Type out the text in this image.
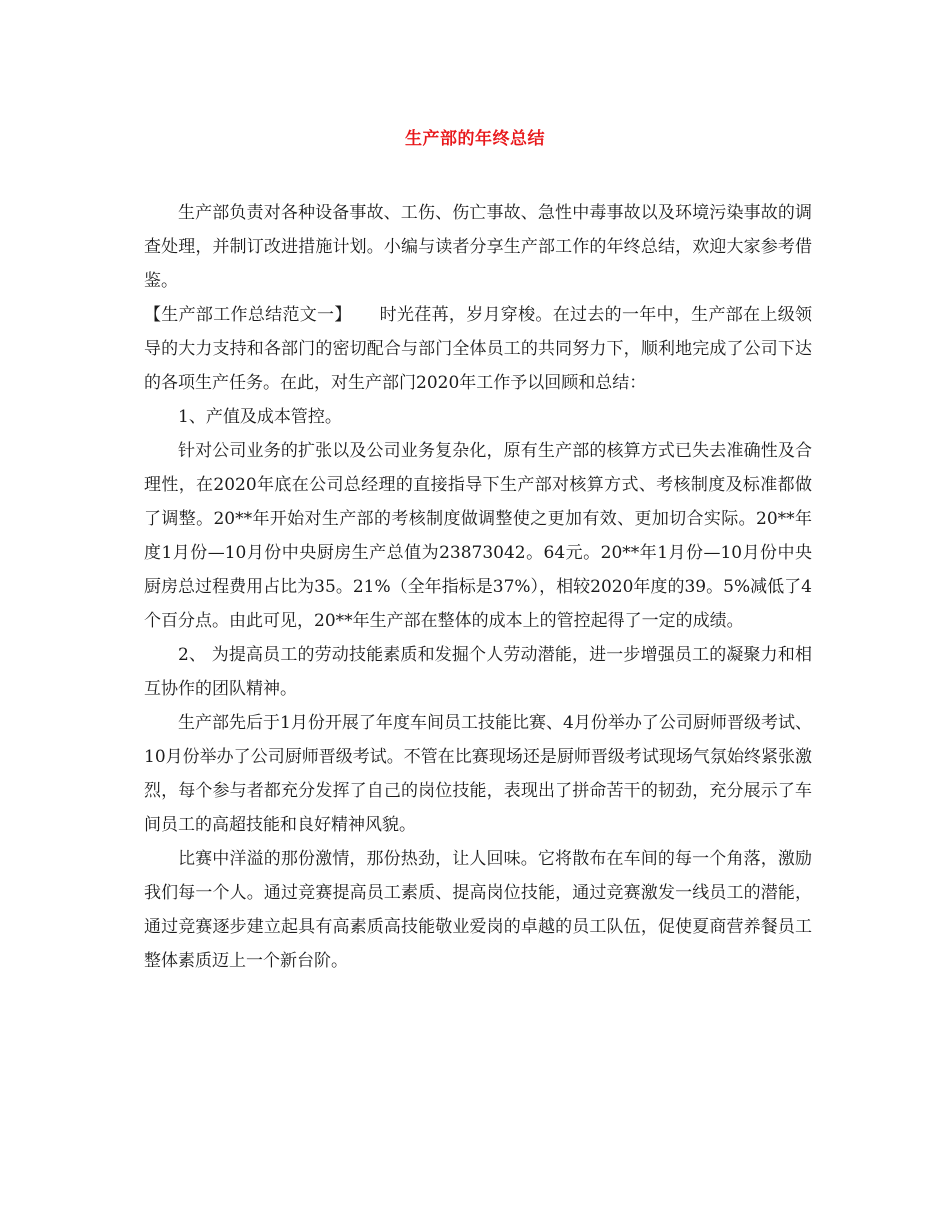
生产部的年终总结

生产部负责对各种设备事故、工伤、伤亡事故、急性中毒事故以及环境污染事故的调查处理，并制订改进措施计划。小编与读者分享生产部工作的年终总结，欢迎大家参考借鉴。

【生产部工作总结范文一】 时光荏苒，岁月穿梭。在过去的一年中，生产部在上级领导的大力支持和各部门的密切配合与部门全体员工的共同努力下，顺利地完成了公司下达的各项生产任务。在此，对生产部门2020年工作予以回顾和总结：

1、产值及成本管控。

针对公司业务的扩张以及公司业务复杂化，原有生产部的核算方式已失去准确性及合理性，在2020年底在公司总经理的直接指导下生产部对核算方式、考核制度及标准都做了调整。20**年开始对生产部的考核制度做调整使之更加有效、更加切合实际。20**年度1月份—10月份中央厨房生产总值为23873042。64元。20**年1月份—10月份中央厨房总过程费用占比为35。21%（全年指标是37%），相较2020年度的39。5%减低了4个百分点。由此可见，20**年生产部在整体的成本上的管控起得了一定的成绩。

2、 为提高员工的劳动技能素质和发掘个人劳动潜能，进一步增强员工的凝聚力和相互协作的团队精神。

生产部先后于1月份开展了年度车间员工技能比赛、4月份举办了公司厨师晋级考试、10月份举办了公司厨师晋级考试。不管在比赛现场还是厨师晋级考试现场气氛始终紧张激烈，每个参与者都充分发挥了自己的岗位技能，表现出了拼命苦干的韧劲，充分展示了车间员工的高超技能和良好精神风貌。

比赛中洋溢的那份激情，那份热劲，让人回味。它将散布在车间的每一个角落，激励我们每一个人。通过竞赛提高员工素质、提高岗位技能，通过竞赛激发一线员工的潜能，通过竞赛逐步建立起具有高素质高技能敬业爱岗的卓越的员工队伍，促使夏商营养餐员工整体素质迈上一个新台阶。
